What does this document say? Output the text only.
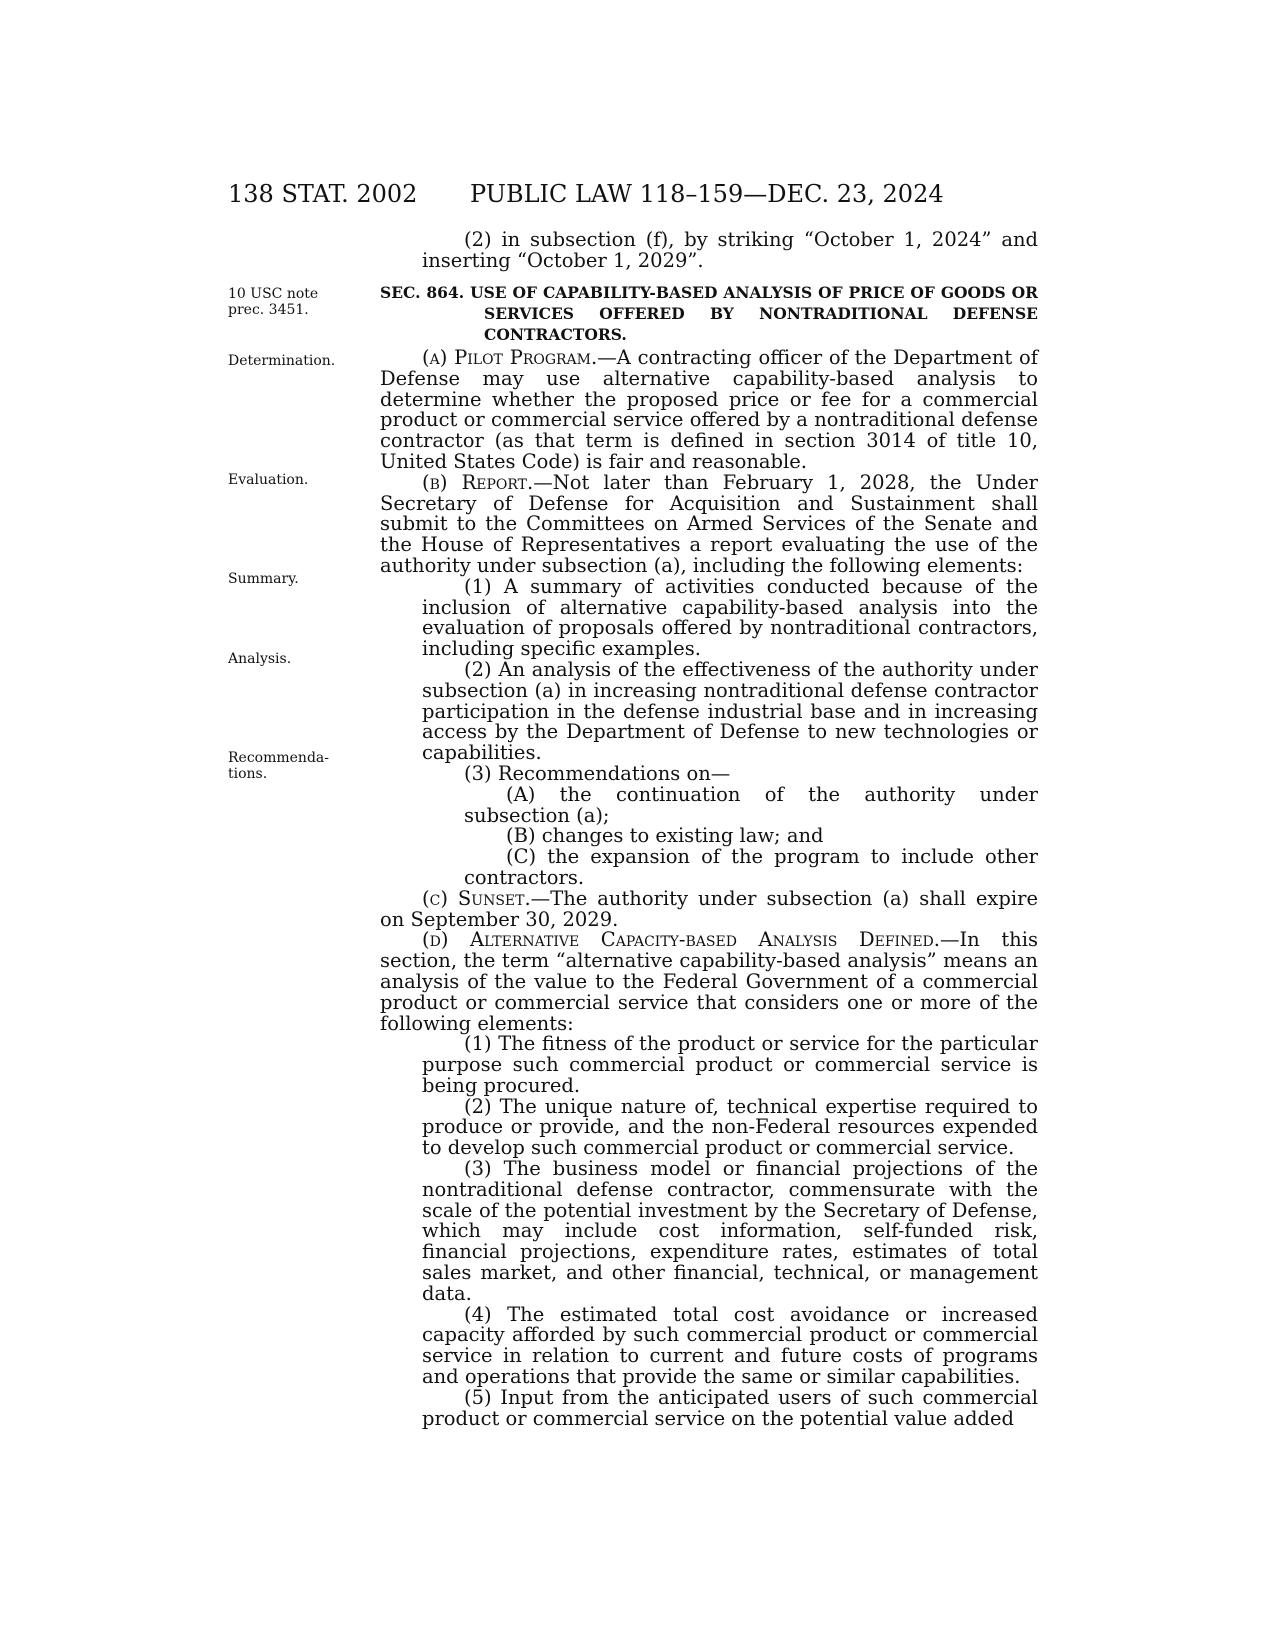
138 STAT. 2002 PUBLIC LAW 118–159—DEC. 23, 2024

(2) in subsection (f), by striking “October 1, 2024” and inserting “October 1, 2029”.

10 USC note prec. 3451.

SEC. 864. USE OF CAPABILITY-BASED ANALYSIS OF PRICE OF GOODS OR SERVICES OFFERED BY NONTRADITIONAL DEFENSE CONTRACTORS.

Determination.
Evaluation.
Summary.
Analysis.
Recommenda- tions.

(a) Pilot Program.—A contracting officer of the Department of Defense may use alternative capability-based analysis to determine whether the proposed price or fee for a commercial product or commercial service offered by a nontraditional defense contractor (as that term is defined in section 3014 of title 10, United States Code) is fair and reasonable.

(b) Report.—Not later than February 1, 2028, the Under Secretary of Defense for Acquisition and Sustainment shall submit to the Committees on Armed Services of the Senate and the House of Representatives a report evaluating the use of the authority under subsection (a), including the following elements:

(1) A summary of activities conducted because of the inclusion of alternative capability-based analysis into the evaluation of proposals offered by nontraditional contractors, including specific examples.

(2) An analysis of the effectiveness of the authority under subsection (a) in increasing nontraditional defense contractor participation in the defense industrial base and in increasing access by the Department of Defense to new technologies or capabilities.

(3) Recommendations on—

(A) the continuation of the authority under subsection (a);

(B) changes to existing law; and

(C) the expansion of the program to include other contractors.

(c) Sunset.—The authority under subsection (a) shall expire on September 30, 2029.

(d) Alternative Capacity-based Analysis Defined.—In this section, the term “alternative capability-based analysis” means an analysis of the value to the Federal Government of a commercial product or commercial service that considers one or more of the following elements:

(1) The fitness of the product or service for the particular purpose such commercial product or commercial service is being procured.

(2) The unique nature of, technical expertise required to produce or provide, and the non-Federal resources expended to develop such commercial product or commercial service.

(3) The business model or financial projections of the nontraditional defense contractor, commensurate with the scale of the potential investment by the Secretary of Defense, which may include cost information, self-funded risk, financial projections, expenditure rates, estimates of total sales market, and other financial, technical, or management data.

(4) The estimated total cost avoidance or increased capacity afforded by such commercial product or commercial service in relation to current and future costs of programs and operations that provide the same or similar capabilities.

(5) Input from the anticipated users of such commercial product or commercial service on the potential value added
